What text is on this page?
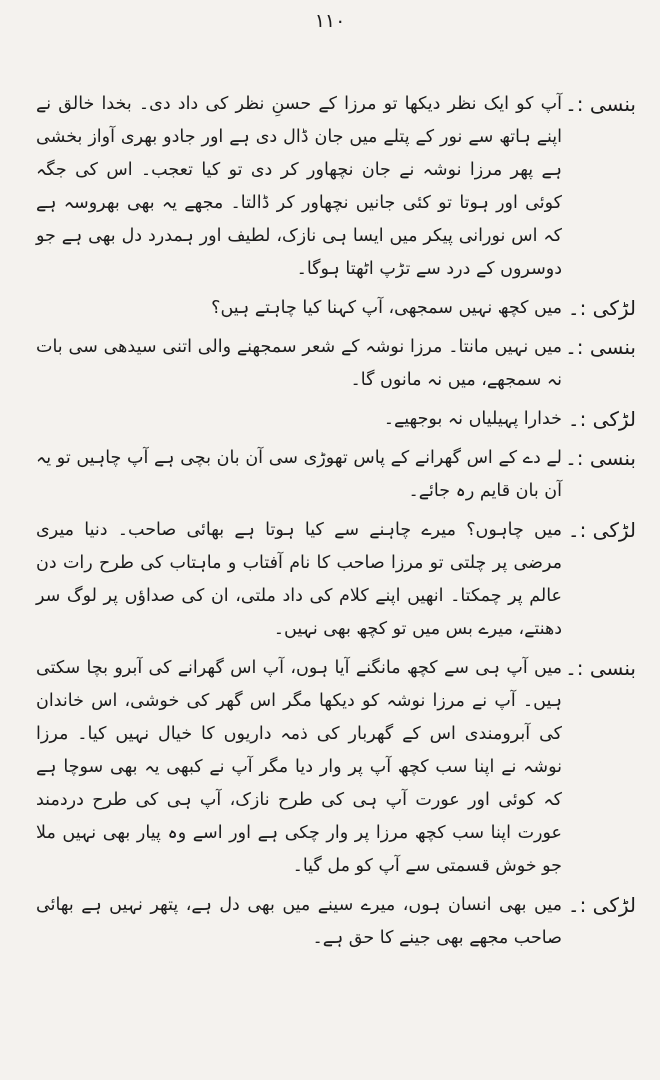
۱۱۰
بنسی :۔
آپ کو ایک نظر دیکھا تو مرزا کے حسنِ نظر کی داد دی۔ بخدا خالق نے اپنے ہاتھ سے نور کے پتلے میں جان ڈال دی ہے اور جادو بھری آواز بخشی ہے پھر مرزا نوشہ نے جان نچھاور کر دی تو کیا تعجب۔ اس کی جگہ کوئی اور ہوتا تو کئی جانیں نچھاور کر ڈالتا۔ مجھے یہ بھی بھروسہ ہے کہ اس نورانی پیکر میں ایسا ہی نازک، لطیف اور ہمدرد دل بھی ہے جو دوسروں کے درد سے تڑپ اٹھتا ہوگا۔
لڑکی :۔
میں کچھ نہیں سمجھی، آپ کہنا کیا چاہتے ہیں؟
بنسی :۔
میں نہیں مانتا۔ مرزا نوشہ کے شعر سمجھنے والی اتنی سیدھی سی بات نہ سمجھے، میں نہ مانوں گا۔
لڑکی :۔
خدارا پہیلیاں نہ بوجھیے۔
بنسی :۔
لے دے کے اس گھرانے کے پاس تھوڑی سی آن بان بچی ہے آپ چاہیں تو یہ آن بان قایم رہ جائے۔
لڑکی :۔
میں چاہوں؟ میرے چاہنے سے کیا ہوتا ہے بھائی صاحب۔ دنیا میری مرضی پر چلتی تو مرزا صاحب کا نام آفتاب و ماہتاب کی طرح رات دن عالم پر چمکتا۔ انھیں اپنے کلام کی داد ملتی، ان کی صداؤں پر لوگ سر دھنتے، میرے بس میں تو کچھ بھی نہیں۔
بنسی :۔
میں آپ ہی سے کچھ مانگنے آیا ہوں، آپ اس گھرانے کی آبرو بچا سکتی ہیں۔ آپ نے مرزا نوشہ کو دیکھا مگر اس گھر کی خوشی، اس خاندان کی آبرومندی اس کے گھربار کی ذمہ داریوں کا خیال نہیں کیا۔ مرزا نوشہ نے اپنا سب کچھ آپ پر وار دیا مگر آپ نے کبھی یہ بھی سوچا ہے کہ کوئی اور عورت آپ ہی کی طرح نازک، آپ ہی کی طرح دردمند عورت اپنا سب کچھ مرزا پر وار چکی ہے اور اسے وہ پیار بھی نہیں ملا جو خوش قسمتی سے آپ کو مل گیا۔
لڑکی :۔
میں بھی انسان ہوں، میرے سینے میں بھی دل ہے، پتھر نہیں ہے بھائی صاحب مجھے بھی جینے کا حق ہے۔
